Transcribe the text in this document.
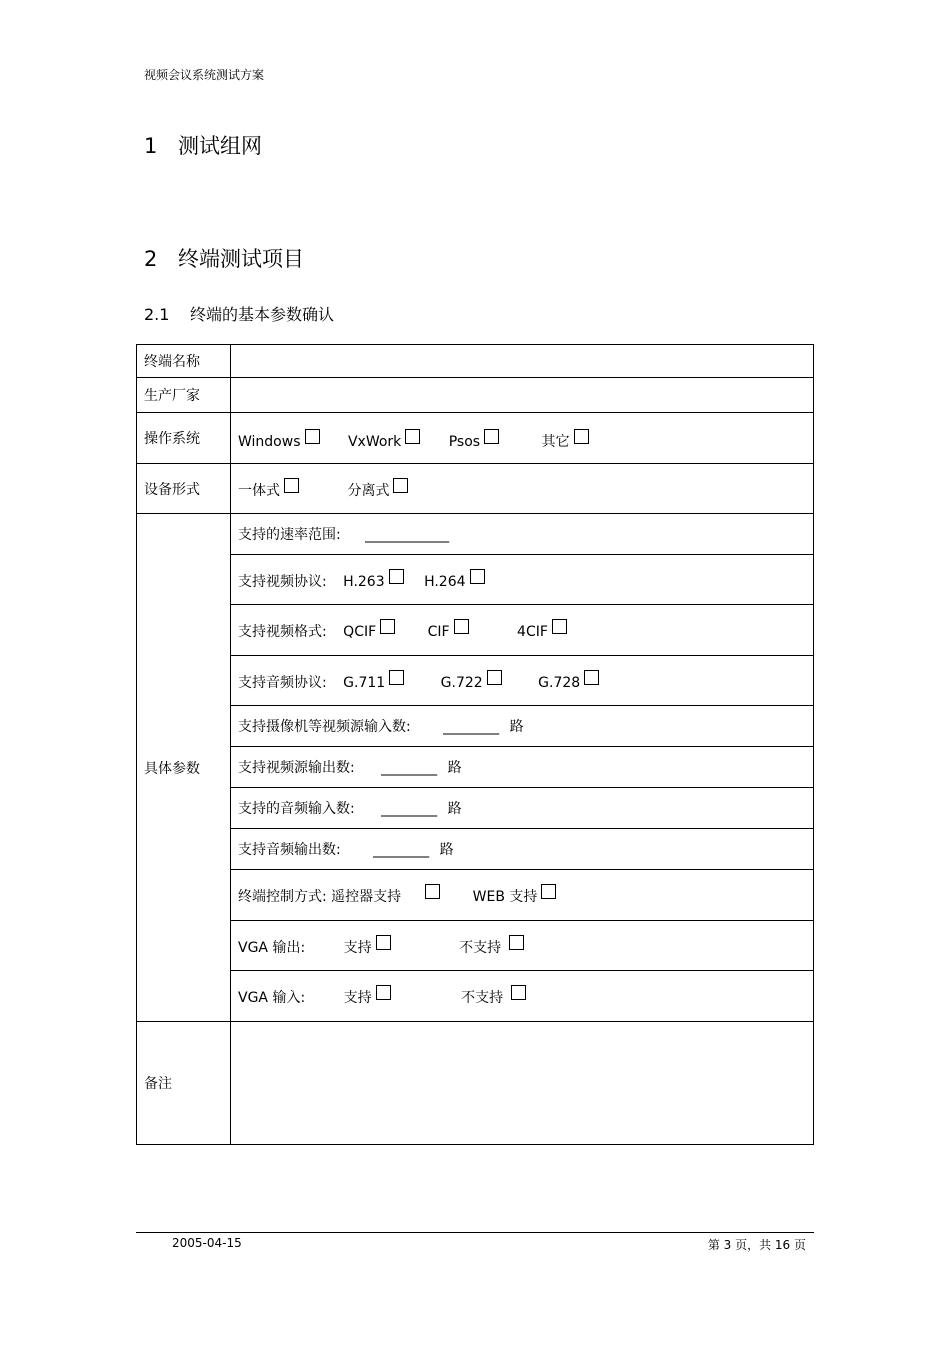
视频会议系统测试方案
1 测试组网
2 终端测试项目
2.1 终端的基本参数确认
终端名称	
生产厂家	
操作系统	Windows VxWork Psos 其它
设备形式	一体式 分离式
具体参数	支持的速率范围: ____________
	支持视频协议: H.263 H.264
	支持视频格式: QCIF CIF 4CIF
	支持音频协议: G.711 G.722 G.728
	支持摄像机等视频源输入数: ________ 路
	支持视频源输出数: ________ 路
	支持的音频输入数: ________ 路
	支持音频输出数: ________ 路
	终端控制方式: 遥控器支持 WEB 支持
	VGA 输出: 支持 不支持
	VGA 输入: 支持 不支持
备注	
2005-04-15	第 3 页，共 16 页
